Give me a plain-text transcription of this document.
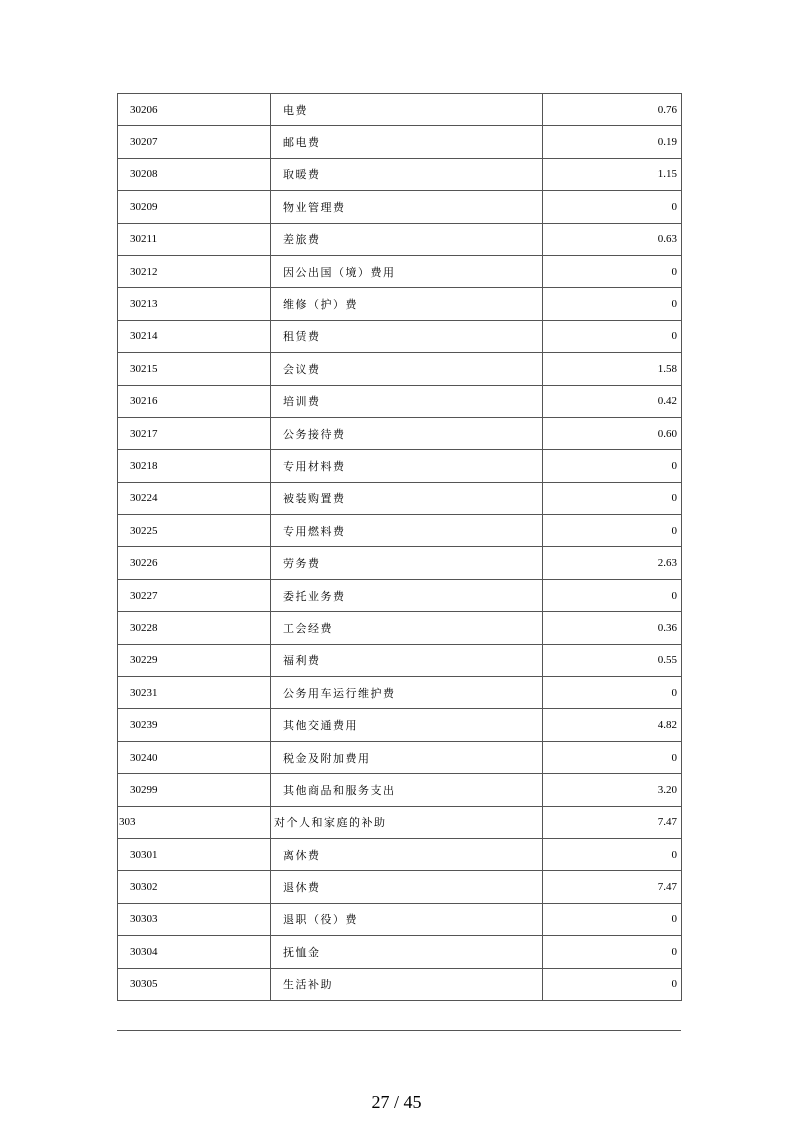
30206	电费	0.76
30207	邮电费	0.19
30208	取暖费	1.15
30209	物业管理费	0
30211	差旅费	0.63
30212	因公出国（境）费用	0
30213	维修（护）费	0
30214	租赁费	0
30215	会议费	1.58
30216	培训费	0.42
30217	公务接待费	0.60
30218	专用材料费	0
30224	被装购置费	0
30225	专用燃料费	0
30226	劳务费	2.63
30227	委托业务费	0
30228	工会经费	0.36
30229	福利费	0.55
30231	公务用车运行维护费	0
30239	其他交通费用	4.82
30240	税金及附加费用	0
30299	其他商品和服务支出	3.20
303	对个人和家庭的补助	7.47
30301	离休费	0
30302	退休费	7.47
30303	退职（役）费	0
30304	抚恤金	0
30305	生活补助	0
27 / 45
